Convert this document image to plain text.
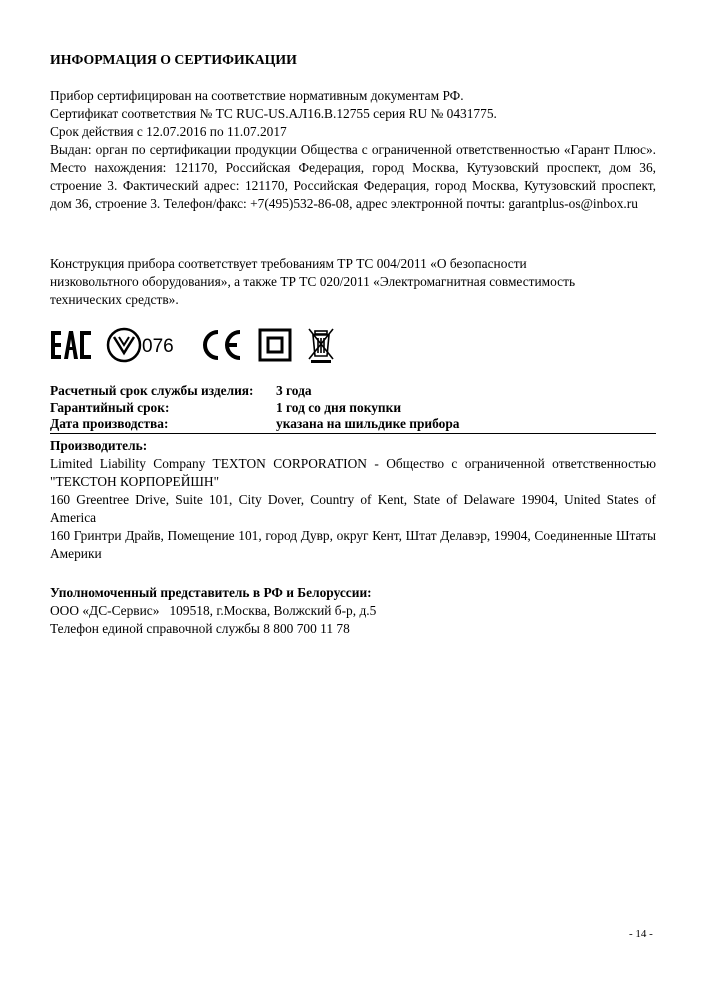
ИНФОРМАЦИЯ О СЕРТИФИКАЦИИ
Прибор сертифицирован на соответствие нормативным документам РФ.
Сертификат соответствия № ТС RUC-US.АЛ16.В.12755 серия RU № 0431775.
Срок действия с 12.07.2016 по 11.07.2017
Выдан: орган по сертификации продукции Общества с ограниченной ответственностью «Гарант Плюс». Место нахождения: 121170, Российская Федерация, город Москва, Кутузовский проспект, дом 36, строение 3. Фактический адрес: 121170, Российская Федерация, город Москва, Кутузовский проспект, дом 36, строение 3. Телефон/факс: +7(495)532-86-08, адрес электронной почты: garantplus-os@inbox.ru
Конструкция прибора соответствует требованиям ТР ТС 004/2011 «О безопасности низковольтного оборудования», а также ТР ТС 020/2011 «Электромагнитная совместимость технических средств».
EAC
076
CE
Расчетный срок службы изделия:	3 года
Гарантийный срок:	1 год со дня покупки
Дата производства:	указана на шильдике прибора
Производитель:
Limited Liability Company TEXTON CORPORATION - Общество с ограниченной ответственностью "ТЕКСТОН КОРПОРЕЙШН"
160 Greentree Drive, Suite 101, City Dover, Country of Kent, State of Delaware 19904, United States of America
160 Гринтри Драйв, Помещение 101, город Дувр, округ Кент, Штат Делавэр, 19904, Соединенные Штаты Америки
Уполномоченный представитель в РФ и Белоруссии:
ООО «ДС-Сервис»   109518, г.Москва, Волжский б-р, д.5
Телефон единой справочной службы 8 800 700 11 78
- 14 -
